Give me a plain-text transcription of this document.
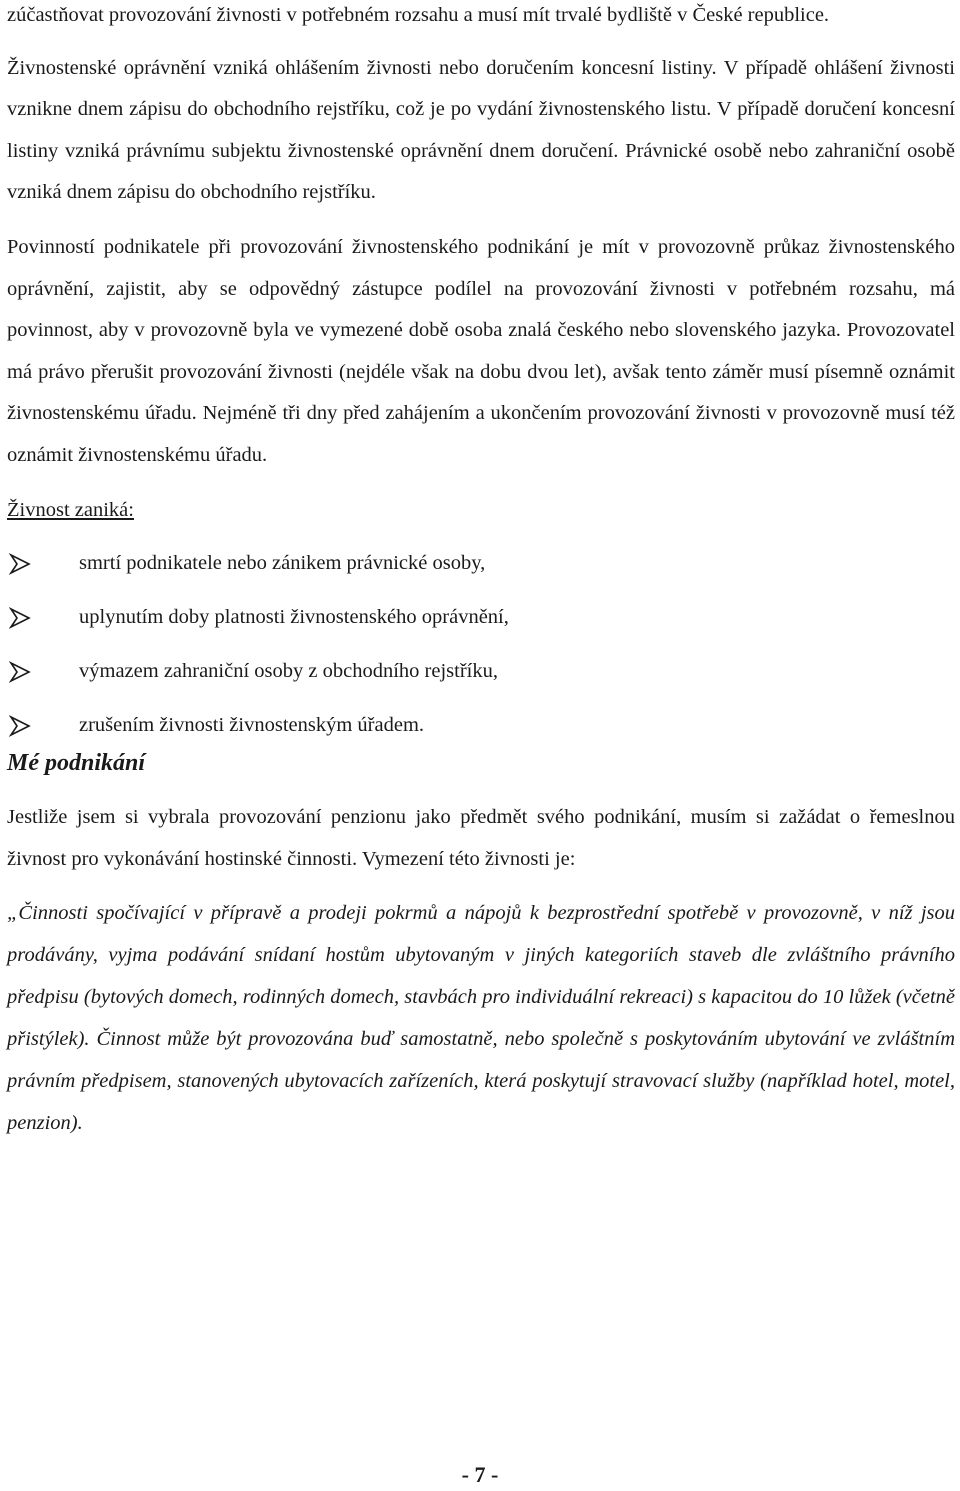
zúčastňovat provozování živnosti v potřebném rozsahu a musí mít trvalé bydliště v České republice.

Živnostenské oprávnění vzniká ohlášením živnosti nebo doručením koncesní listiny. V případě ohlášení živnosti vznikne dnem zápisu do obchodního rejstříku, což je po vydání živnostenského listu. V případě doručení koncesní listiny vzniká právnímu subjektu živnostenské oprávnění dnem doručení. Právnické osobě nebo zahraniční osobě vzniká dnem zápisu do obchodního rejstříku.

Povinností podnikatele při provozování živnostenského podnikání je mít v provozovně průkaz živnostenského oprávnění, zajistit, aby se odpovědný zástupce podílel na provozování živnosti v potřebném rozsahu, má povinnost, aby v provozovně byla ve vymezené době osoba znalá českého nebo slovenského jazyka. Provozovatel má právo přerušit provozování živnosti (nejdéle však na dobu dvou let), avšak tento záměr musí písemně oznámit živnostenskému úřadu. Nejméně tři dny před zahájením a ukončením provozování živnosti v provozovně musí též oznámit živnostenskému úřadu.

Živnost zaniká:

smrtí podnikatele nebo zánikem právnické osoby,
uplynutím doby platnosti živnostenského oprávnění,
výmazem zahraniční osoby z obchodního rejstříku,
zrušením živnosti živnostenským úřadem.
Mé podnikání

Jestliže jsem si vybrala provozování penzionu jako předmět svého podnikání, musím si zažádat o řemeslnou živnost pro vykonávání hostinské činnosti. Vymezení této živnosti je:

„Činnosti spočívající v přípravě a prodeji pokrmů a nápojů k bezprostřední spotřebě v provozovně, v níž jsou prodávány, vyjma podávání snídaní hostům ubytovaným v jiných kategoriích staveb dle zvláštního právního předpisu (bytových domech, rodinných domech, stavbách pro individuální rekreaci) s kapacitou do 10 lůžek (včetně přistýlek). Činnost může být provozována buď samostatně, nebo společně s poskytováním ubytování ve zvláštním právním předpisem, stanovených ubytovacích zařízeních, která poskytují stravovací služby (například hotel, motel, penzion).

- 7 -
